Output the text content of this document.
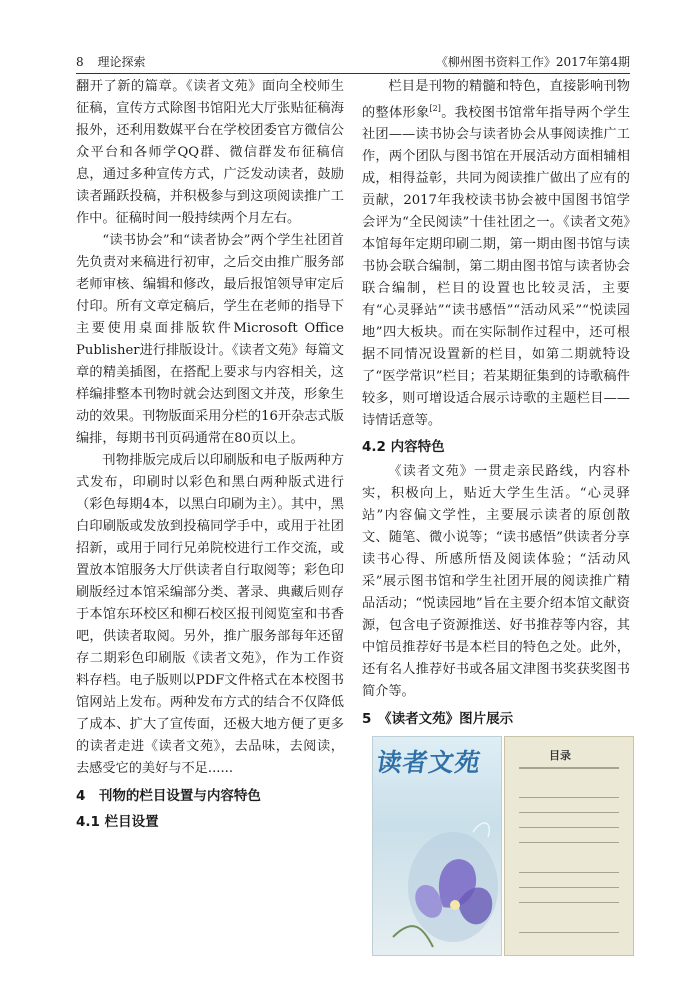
8 理论探索	《柳州图书资料工作》2017年第4期

翻开了新的篇章。《读者文苑》面向全校师生征稿，宣传方式除图书馆阳光大厅张贴征稿海报外，还利用数媒平台在学校团委官方微信公众平台和各师学QQ群、微信群发布征稿信息，通过多种宣传方式，广泛发动读者，鼓励读者踊跃投稿，并积极参与到这项阅读推广工作中。征稿时间一般持续两个月左右。

“读书协会”和“读者协会”两个学生社团首先负责对来稿进行初审，之后交由推广服务部老师审核、编辑和修改，最后报馆领导审定后付印。所有文章定稿后，学生在老师的指导下主要使用桌面排版软件Microsoft Office Publisher进行排版设计。《读者文苑》每篇文章的精美插图，在搭配上要求与内容相关，这样编排整本刊物时就会达到图文并茂，形象生动的效果。刊物版面采用分栏的16开杂志式版编排，每期书刊页码通常在80页以上。

刊物排版完成后以印刷版和电子版两种方式发布，印刷时以彩色和黑白两种版式进行（彩色每期4本，以黑白印刷为主）。其中，黑白印刷版或发放到投稿同学手中，或用于社团招新，或用于同行兄弟院校进行工作交流，或置放本馆服务大厅供读者自行取阅等；彩色印刷版经过本馆采编部分类、著录、典藏后则存于本馆东环校区和柳石校区报刊阅览室和书香吧，供读者取阅。另外，推广服务部每年还留存二期彩色印刷版《读者文苑》，作为工作资料存档。电子版则以PDF文件格式在本校图书馆网站上发布。两种发布方式的结合不仅降低了成本、扩大了宣传面，还极大地方便了更多的读者走进《读者文苑》，去品味，去阅读，去感受它的美好与不足......

4　刊物的栏目设置与内容特色
4.1 栏目设置

栏目是刊物的精髓和特色，直接影响刊物的整体形象[2]。我校图书馆常年指导两个学生社团——读书协会与读者协会从事阅读推广工作，两个团队与图书馆在开展活动方面相辅相成，相得益彰，共同为阅读推广做出了应有的贡献，2017年我校读书协会被中国图书馆学会评为“全民阅读”十佳社团之一。《读者文苑》本馆每年定期印刷二期，第一期由图书馆与读书协会联合编制，第二期由图书馆与读者协会联合编制，栏目的设置也比较灵活，主要有“心灵驿站”“读书感悟”“活动风采”“悦读园地”四大板块。而在实际制作过程中，还可根据不同情况设置新的栏目，如第二期就特设了“医学常识”栏目；若某期征集到的诗歌稿件较多，则可增设适合展示诗歌的主题栏目——诗情话意等。

4.2 内容特色

《读者文苑》一贯走亲民路线，内容朴实，积极向上，贴近大学生生活。“心灵驿站”内容偏文学性，主要展示读者的原创散文、随笔、微小说等；“读书感悟”供读者分享读书心得、所感所悟及阅读体验；“活动风采”展示图书馆和学生社团开展的阅读推广精品活动；“悦读园地”旨在主要介绍本馆文献资源，包含电子资源推送、好书推荐等内容，其中馆员推荐好书是本栏目的特色之处。此外，还有名人推荐好书或各届文津图书奖获奖图书简介等。

5　《读者文苑》图片展示
读者文苑	目录
